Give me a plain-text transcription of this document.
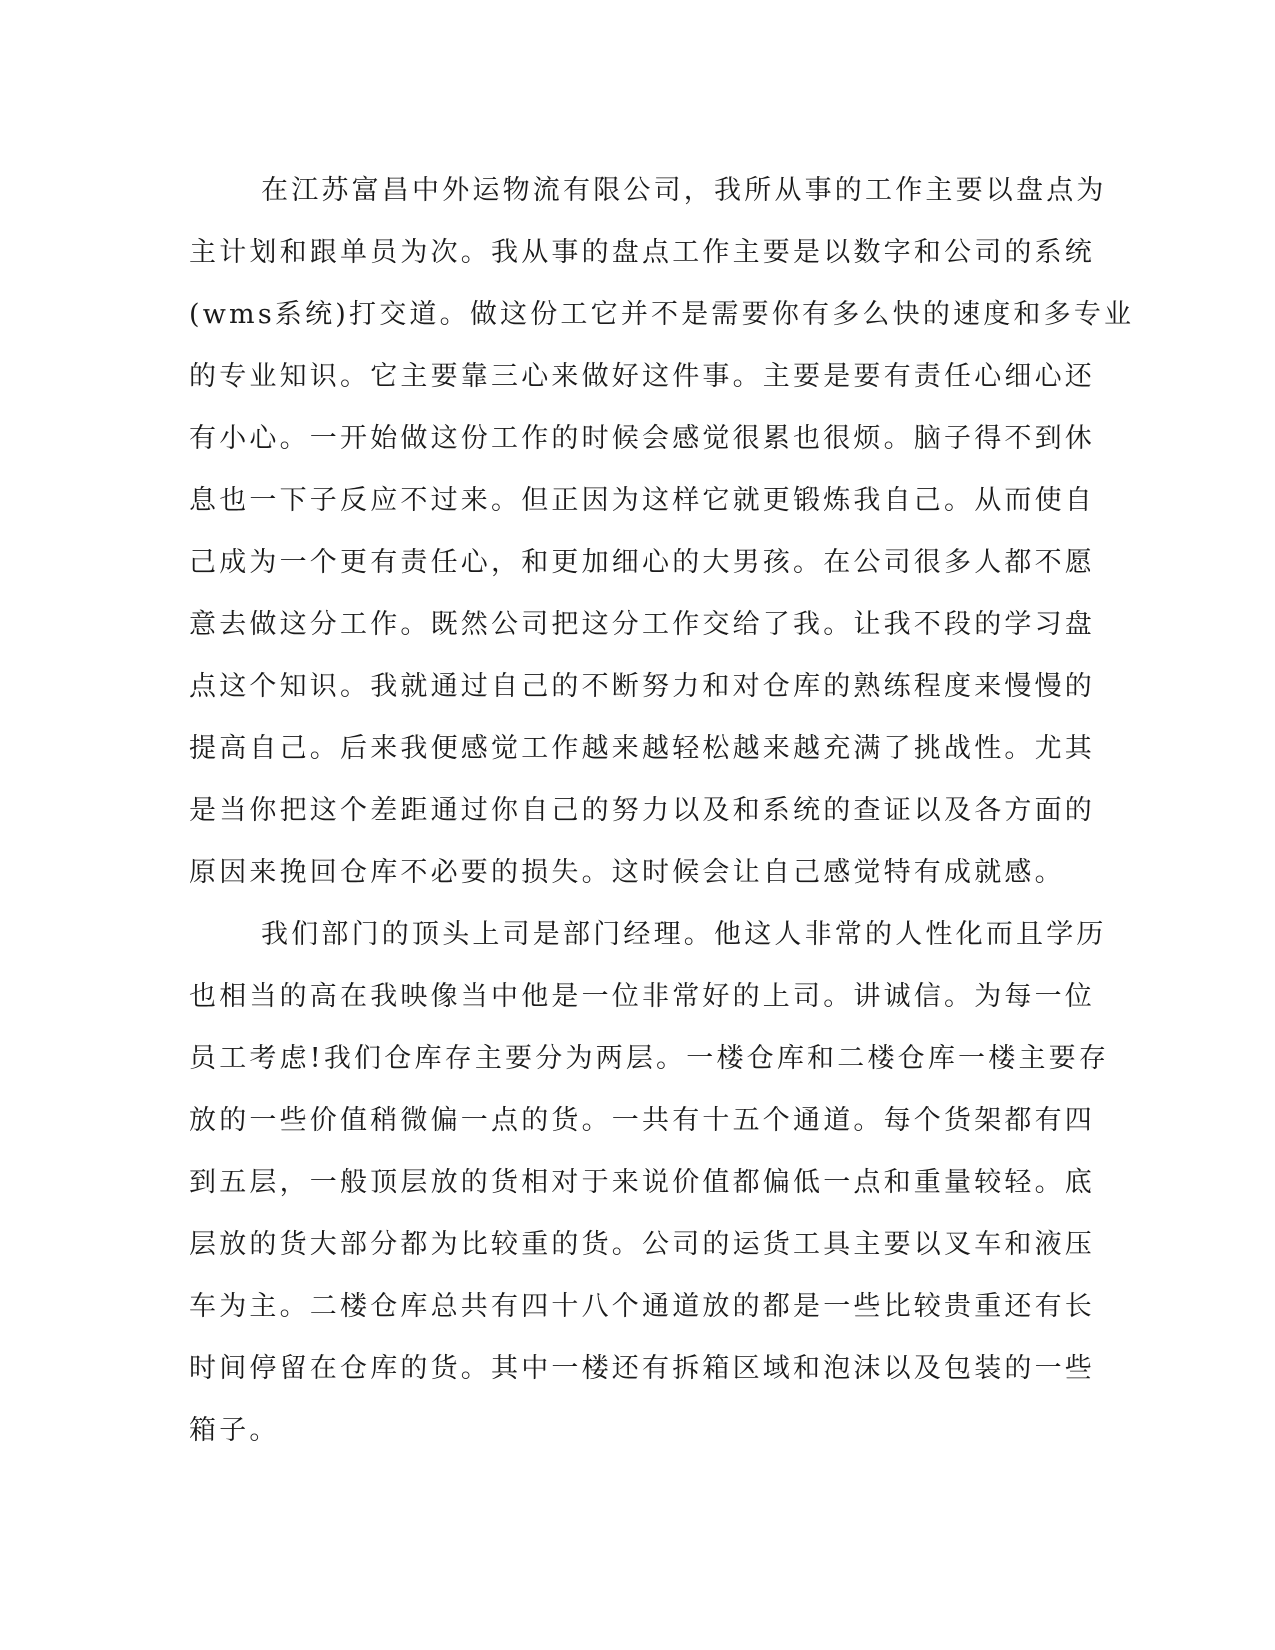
在江苏富昌中外运物流有限公司，我所从事的工作主要以盘点为
主计划和跟单员为次。我从事的盘点工作主要是以数字和公司的系统
(wms系统)打交道。做这份工它并不是需要你有多么快的速度和多专业
的专业知识。它主要靠三心来做好这件事。主要是要有责任心细心还
有小心。一开始做这份工作的时候会感觉很累也很烦。脑子得不到休
息也一下子反应不过来。但正因为这样它就更锻炼我自己。从而使自
己成为一个更有责任心，和更加细心的大男孩。在公司很多人都不愿
意去做这分工作。既然公司把这分工作交给了我。让我不段的学习盘
点这个知识。我就通过自己的不断努力和对仓库的熟练程度来慢慢的
提高自己。后来我便感觉工作越来越轻松越来越充满了挑战性。尤其
是当你把这个差距通过你自己的努力以及和系统的查证以及各方面的
原因来挽回仓库不必要的损失。这时候会让自己感觉特有成就感。
我们部门的顶头上司是部门经理。他这人非常的人性化而且学历
也相当的高在我映像当中他是一位非常好的上司。讲诚信。为每一位
员工考虑!我们仓库存主要分为两层。一楼仓库和二楼仓库一楼主要存
放的一些价值稍微偏一点的货。一共有十五个通道。每个货架都有四
到五层，一般顶层放的货相对于来说价值都偏低一点和重量较轻。底
层放的货大部分都为比较重的货。公司的运货工具主要以叉车和液压
车为主。二楼仓库总共有四十八个通道放的都是一些比较贵重还有长
时间停留在仓库的货。其中一楼还有拆箱区域和泡沫以及包装的一些
箱子。
